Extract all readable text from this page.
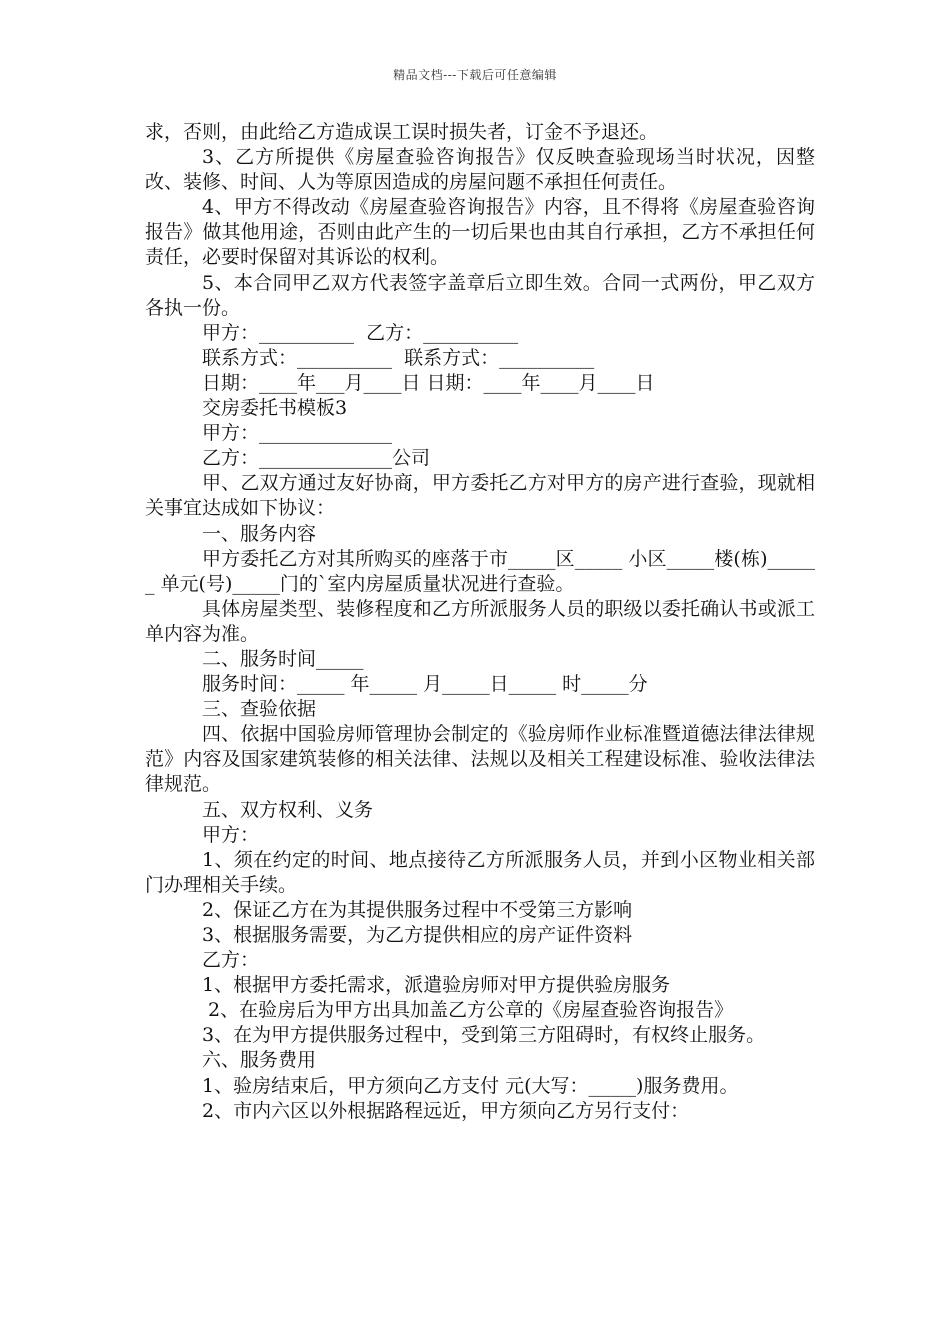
精品文档---下载后可任意编辑

求，否则，由此给乙方造成误工误时损失者，订金不予退还。

3、乙方所提供《房屋查验咨询报告》仅反映查验现场当时状况，因整改、装修、时间、人为等原因造成的房屋问题不承担任何责任。

4、甲方不得改动《房屋查验咨询报告》内容，且不得将《房屋查验咨询报告》做其他用途，否则由此产生的一切后果也由其自行承担，乙方不承担任何责任，必要时保留对其诉讼的权利。

5、本合同甲乙双方代表签字盖章后立即生效。合同一式两份，甲乙双方各执一份。

甲方：__________  乙方：__________

联系方式：__________  联系方式：__________

日期：____年___月____日 日期：____年____月____日

交房委托书模板3

甲方：______________

乙方：______________公司

甲、乙双方通过友好协商，甲方委托乙方对甲方的房产进行查验，现就相关事宜达成如下协议：

一、服务内容

甲方委托乙方对其所购买的座落于市_____区_____ 小区_____楼(栋)______ 单元(号)_____门的`室内房屋质量状况进行查验。

具体房屋类型、装修程度和乙方所派服务人员的职级以委托确认书或派工单内容为准。

二、服务时间_____

服务时间：_____ 年_____ 月_____日_____ 时_____分

三、查验依据

四、依据中国验房师管理协会制定的《验房师作业标准暨道德法律法律规范》内容及国家建筑装修的相关法律、法规以及相关工程建设标准、验收法律法律规范。

五、双方权利、义务

甲方：

1、须在约定的时间、地点接待乙方所派服务人员，并到小区物业相关部门办理相关手续。

2、保证乙方在为其提供服务过程中不受第三方影响

3、根据服务需要，为乙方提供相应的房产证件资料

乙方：

1、根据甲方委托需求，派遣验房师对甲方提供验房服务

2、在验房后为甲方出具加盖乙方公章的《房屋查验咨询报告》

3、在为甲方提供服务过程中，受到第三方阻碍时，有权终止服务。

六、服务费用

1、验房结束后，甲方须向乙方支付 元(大写：_____)服务费用。

2、市内六区以外根据路程远近，甲方须向乙方另行支付：
